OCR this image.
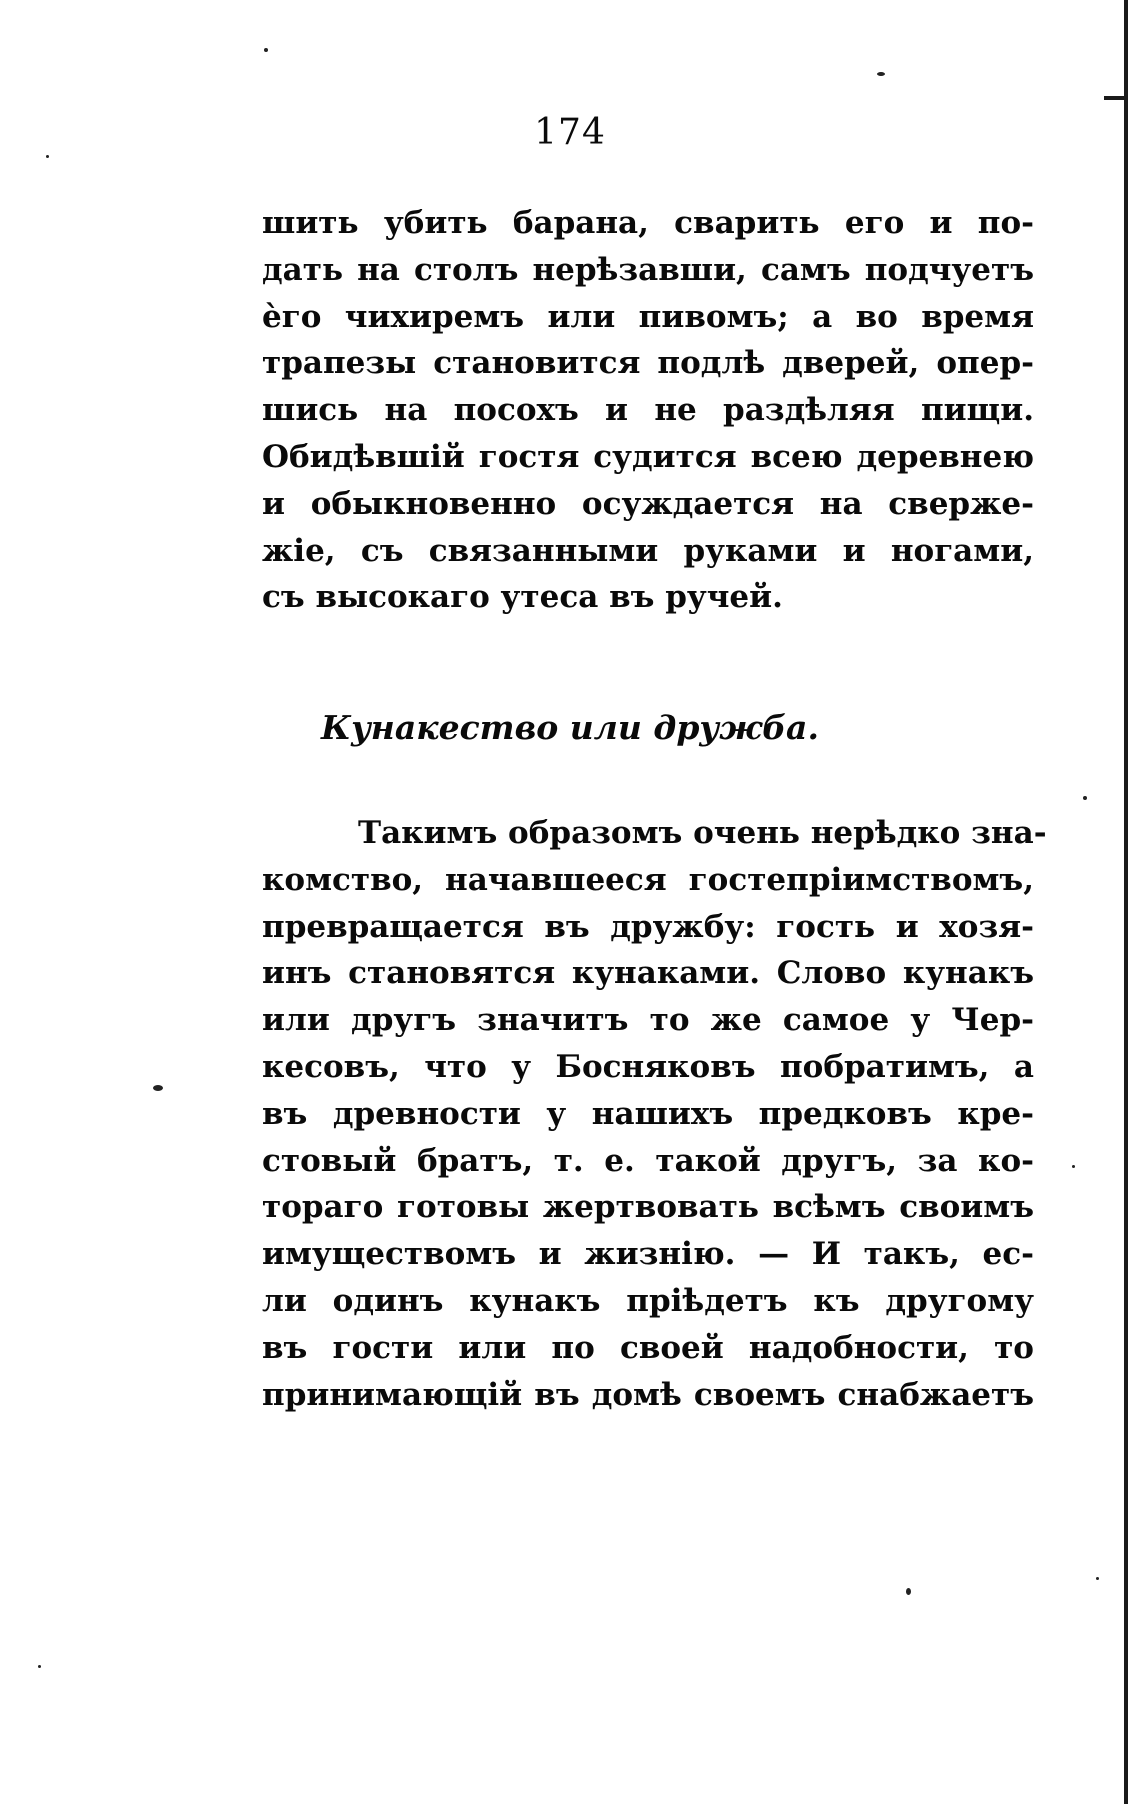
174
шить убить барана, сварить его и по-
дать на столъ нерѣзавши, самъ подчуетъ
ѐго чихиремъ или пивомъ; а во время
трапезы становится подлѣ дверей, опер-
шись на посохъ и не раздѣляя пищи.
Обидѣвшій гостя судится всею деревнею
и обыкновенно осуждается на сверже-
жіе, съ связанными руками и ногами,
съ высокаго утеса въ ручей.
Кунакество или дружба.
Такимъ образомъ очень нерѣдко зна-
комство, начавшееся гостепріимствомъ,
превращается въ дружбу: гость и хозя-
инъ становятся кунаками. Слово кунакъ
или другъ значитъ то же самое у Чер-
кесовъ, что у Босняковъ побратимъ, а
въ древности у нашихъ предковъ кре-
стовый братъ, т. е. такой другъ, за ко-
тораго готовы жертвовать всѣмъ своимъ
имуществомъ и жизнію. — И такъ, ес-
ли одинъ кунакъ пріѣдетъ къ другому
въ гости или по своей надобности, то
принимающій въ домѣ своемъ снабжаетъ
